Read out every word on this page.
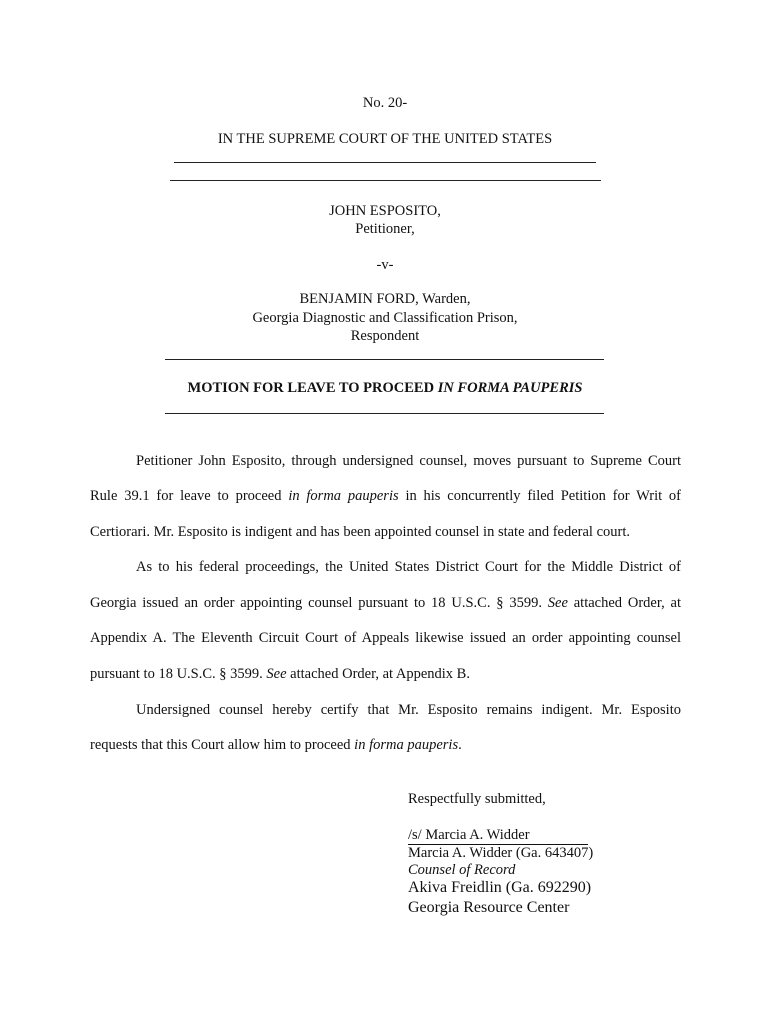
No. 20-
IN THE SUPREME COURT OF THE UNITED STATES
JOHN ESPOSITO,
Petitioner,
-v-
BENJAMIN FORD, Warden,
Georgia Diagnostic and Classification Prison,
Respondent
MOTION FOR LEAVE TO PROCEED IN FORMA PAUPERIS
Petitioner John Esposito, through undersigned counsel, moves pursuant to Supreme Court
Rule 39.1 for leave to proceed in forma pauperis in his concurrently filed Petition for Writ of
Certiorari. Mr. Esposito is indigent and has been appointed counsel in state and federal court.
As to his federal proceedings, the United States District Court for the Middle District of
Georgia issued an order appointing counsel pursuant to 18 U.S.C. § 3599. See attached Order, at
Appendix A. The Eleventh Circuit Court of Appeals likewise issued an order appointing counsel
pursuant to 18 U.S.C. § 3599. See attached Order, at Appendix B.
Undersigned counsel hereby certify that Mr. Esposito remains indigent. Mr. Esposito
requests that this Court allow him to proceed in forma pauperis.
Respectfully submitted,
/s/ Marcia A. Widder
Marcia A. Widder (Ga. 643407)
Counsel of Record
Akiva Freidlin (Ga. 692290)
Georgia Resource Center
